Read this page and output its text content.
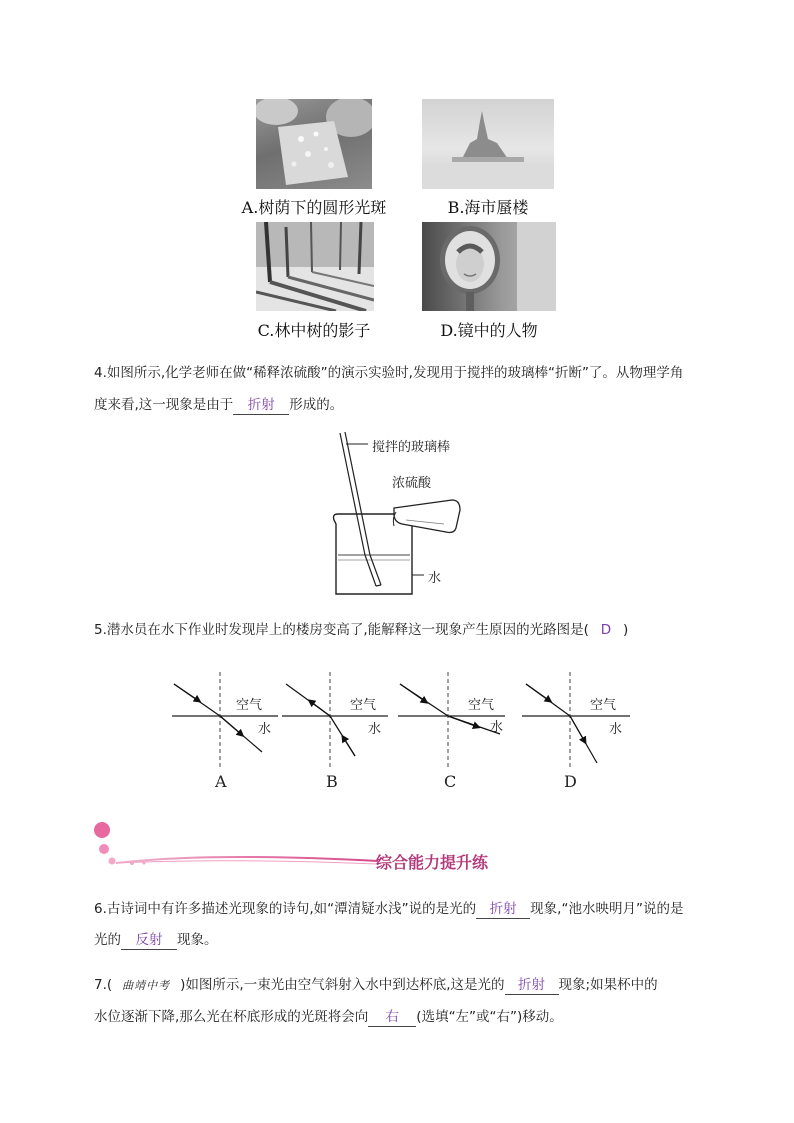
A.树荫下的圆形光斑	B.海市蜃楼
C.林中树的影子	D.镜中的人物
4.如图所示,化学老师在做“稀释浓硫酸”的演示实验时,发现用于搅拌的玻璃棒“折断”了。从物理学角
度来看,这一现象是由于 折射 形成的。
搅拌的玻璃棒
浓硫酸
水
5.潜水员在水下作业时发现岸上的楼房变高了,能解释这一现象产生原因的光路图是( D )
空气
水
A
空气
水
B
空气
水
C
空气
水
D
综合能力提升练
6.古诗词中有许多描述光现象的诗句,如“潭清疑水浅”说的是光的 折射 现象,“池水映明月”说的是
光的 反射 现象。
7.( 曲靖中考 )如图所示,一束光由空气斜射入水中到达杯底,这是光的 折射 现象;如果杯中的
水位逐渐下降,那么光在杯底形成的光斑将会向 右 (选填“左”或“右”)移动。
